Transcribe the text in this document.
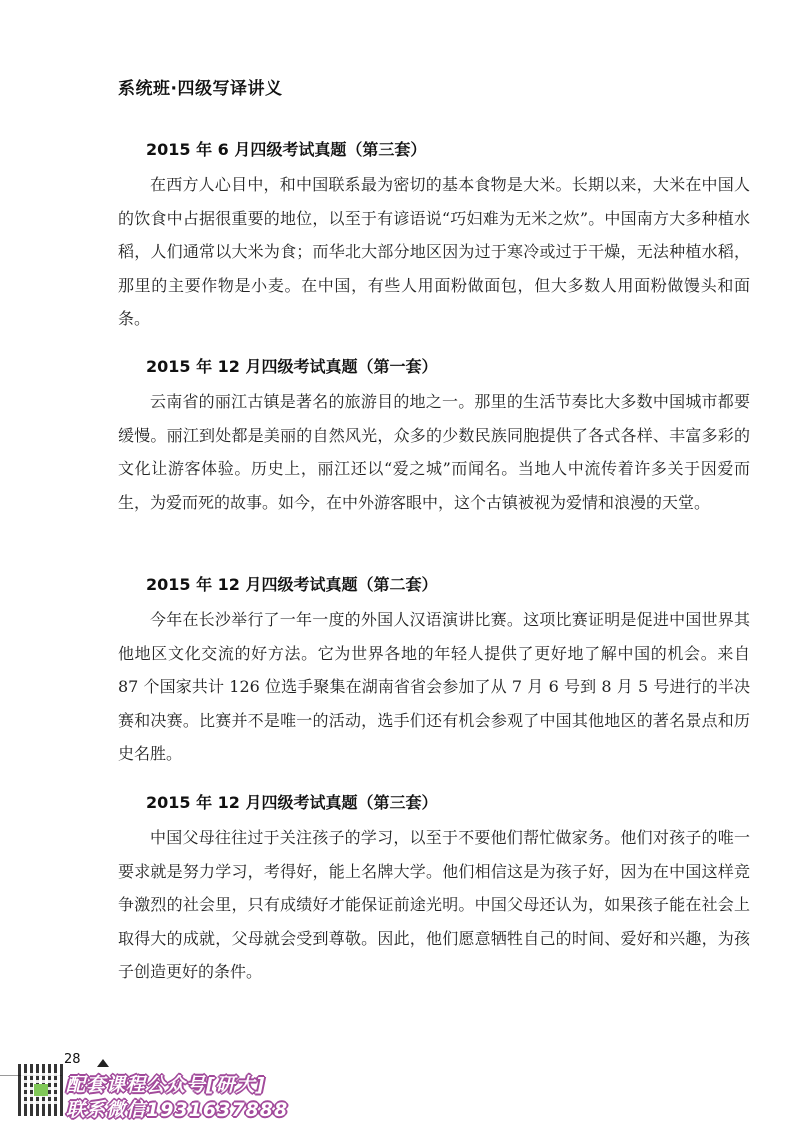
系统班·四级写译讲义

2015 年 6 月四级考试真题（第三套）

在西方人心目中，和中国联系最为密切的基本食物是大米。长期以来，大米在中国人的饮食中占据很重要的地位，以至于有谚语说“巧妇难为无米之炊”。中国南方大多种植水稻，人们通常以大米为食；而华北大部分地区因为过于寒冷或过于干燥，无法种植水稻，那里的主要作物是小麦。在中国，有些人用面粉做面包，但大多数人用面粉做馒头和面条。

2015 年 12 月四级考试真题（第一套）

云南省的丽江古镇是著名的旅游目的地之一。那里的生活节奏比大多数中国城市都要缓慢。丽江到处都是美丽的自然风光，众多的少数民族同胞提供了各式各样、丰富多彩的文化让游客体验。历史上，丽江还以“爱之城”而闻名。当地人中流传着许多关于因爱而生，为爱而死的故事。如今，在中外游客眼中，这个古镇被视为爱情和浪漫的天堂。

2015 年 12 月四级考试真题（第二套）

今年在长沙举行了一年一度的外国人汉语演讲比赛。这项比赛证明是促进中国世界其他地区文化交流的好方法。它为世界各地的年轻人提供了更好地了解中国的机会。来自 87 个国家共计 126 位选手聚集在湖南省省会参加了从 7 月 6 号到 8 月 5 号进行的半决赛和决赛。比赛并不是唯一的活动，选手们还有机会参观了中国其他地区的著名景点和历史名胜。

2015 年 12 月四级考试真题（第三套）

中国父母往往过于关注孩子的学习，以至于不要他们帮忙做家务。他们对孩子的唯一要求就是努力学习，考得好，能上名牌大学。他们相信这是为孩子好，因为在中国这样竞争激烈的社会里，只有成绩好才能保证前途光明。中国父母还认为，如果孩子能在社会上取得大的成就，父母就会受到尊敬。因此，他们愿意牺牲自己的时间、爱好和兴趣，为孩子创造更好的条件。

28
配套课程公众号[研大]
联系微信1931637888
